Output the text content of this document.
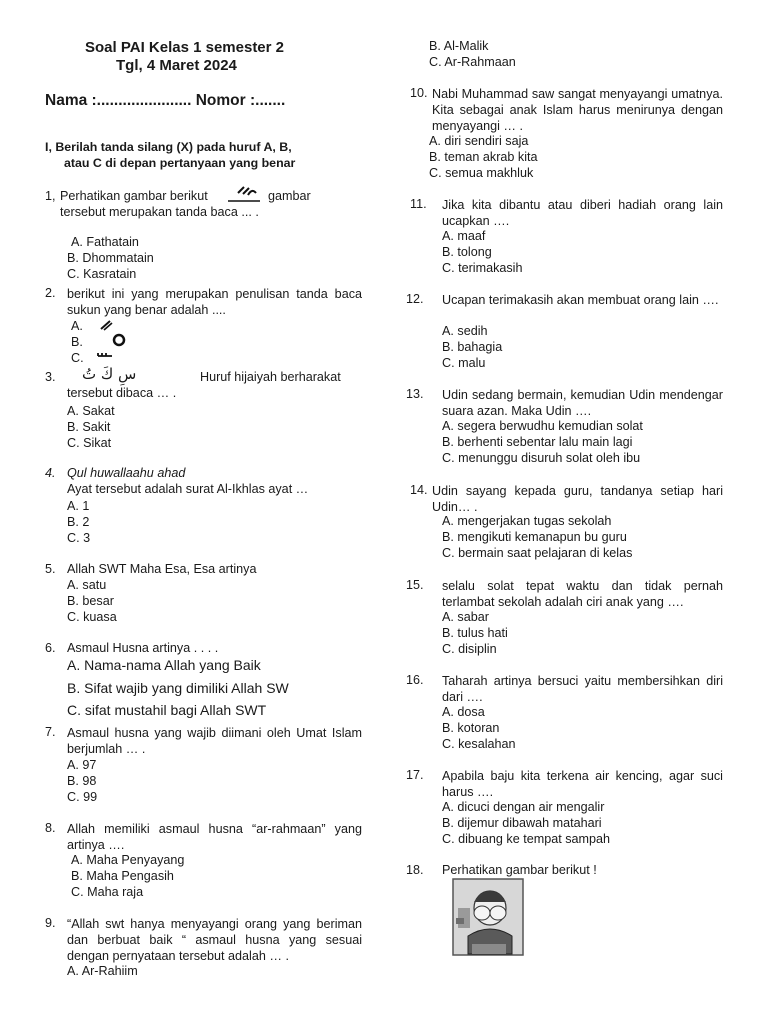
Soal PAI Kelas 1 semester 2
Tgl, 4 Maret 2024
Nama :...................... Nomor :.......
I, Berilah tanda silang (X) pada huruf A, B,
atau C di depan pertanyaan yang benar
1, Perhatikan gambar berikut	gambar
tersebut merupakan tanda baca ... .
A. Fathatain
B. Dhommatain
C. Kasratain
2. berikut ini yang merupakan penulisan tanda baca sukun yang benar adalah ....
A.
B.
C.
3. سِ كَ تُ	Huruf hijaiyah berharakat
tersebut dibaca … .
A. Sakat
B. Sakit
C. Sikat
4. Qul huwallaahu ahad
Ayat tersebut adalah surat Al-Ikhlas ayat …
A. 1
B. 2
C. 3
5. Allah SWT Maha Esa, Esa artinya
A. satu
B. besar
C. kuasa
6. Asmaul Husna artinya . . . .
A. Nama-nama Allah yang Baik
B. Sifat wajib yang dimiliki Allah SW
C. sifat mustahil bagi Allah SWT
7. Asmaul husna yang wajib diimani oleh Umat Islam berjumlah … .
A. 97
B. 98
C. 99
8. Allah memiliki asmaul husna “ar-rahmaan” yang artinya ….
A. Maha Penyayang
B. Maha Pengasih
C. Maha raja
9. “Allah swt hanya menyayangi orang yang beriman dan berbuat baik “ asmaul husna yang sesuai dengan pernyataan tersebut adalah … .
A. Ar-Rahiim
B. Al-Malik
C. Ar-Rahmaan
10. Nabi Muhammad saw sangat menyayangi umatnya. Kita sebagai anak Islam harus menirunya dengan menyayangi … .
A. diri sendiri saja
B. teman akrab kita
C. semua makhluk
11. Jika kita dibantu atau diberi hadiah orang lain ucapkan ….
A. maaf
B. tolong
C. terimakasih
12. Ucapan terimakasih akan membuat orang lain ….
A. sedih
B. bahagia
C. malu
13. Udin sedang bermain, kemudian Udin mendengar suara azan. Maka Udin ….
A. segera berwudhu kemudian solat
B. berhenti sebentar lalu main lagi
C. menunggu disuruh solat oleh ibu
14. Udin sayang kepada guru, tandanya setiap hari Udin… .
A. mengerjakan tugas sekolah
B. mengikuti kemanapun bu guru
C. bermain saat pelajaran di kelas
15. selalu solat tepat waktu dan tidak pernah terlambat sekolah adalah ciri anak yang ….
A. sabar
B. tulus hati
C. disiplin
16. Taharah artinya bersuci yaitu membersihkan diri dari ….
A. dosa
B. kotoran
C. kesalahan
17. Apabila baju kita terkena air kencing, agar suci harus ….
A. dicuci dengan air mengalir
B. dijemur dibawah matahari
C. dibuang ke tempat sampah
18. Perhatikan gambar berikut !
